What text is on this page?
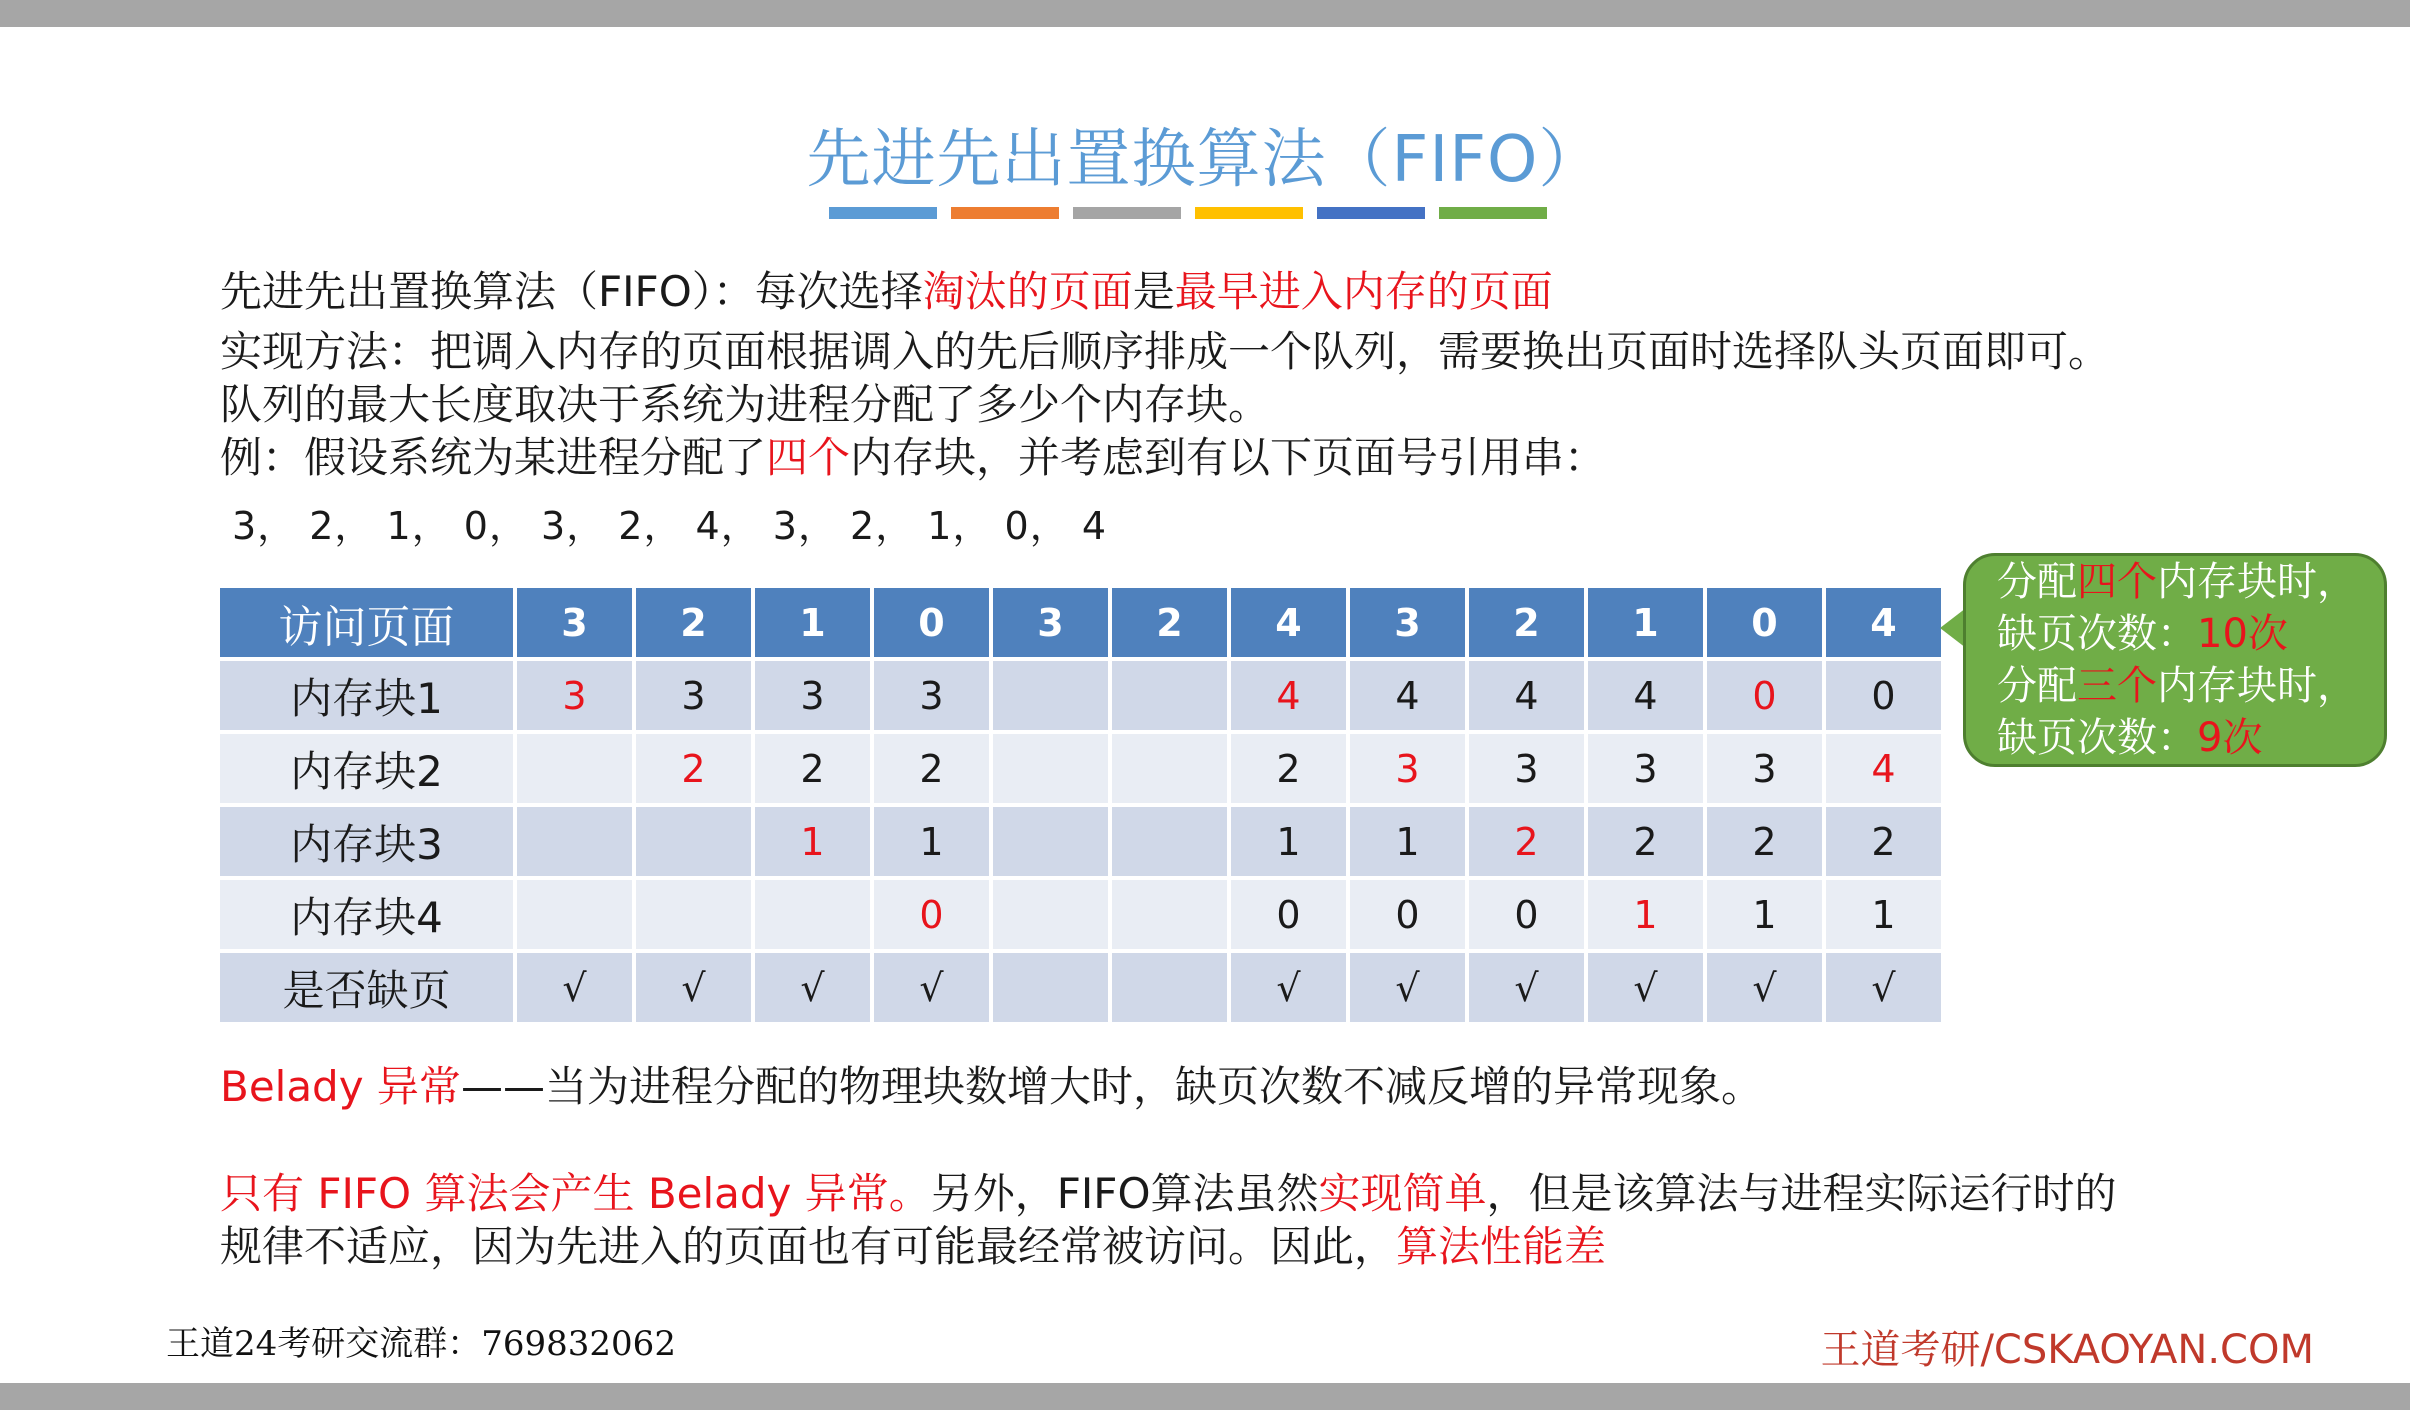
先进先出置换算法（FIFO）
先进先出置换算法（FIFO）：每次选择淘汰的页面是最早进入内存的页面
实现方法：把调入内存的页面根据调入的先后顺序排成一个队列，需要换出页面时选择队头页面即可。
队列的最大长度取决于系统为进程分配了多少个内存块。
例：假设系统为某进程分配了四个内存块，并考虑到有以下页面号引用串：
3， 2， 1， 0， 3， 2， 4， 3， 2， 1， 0， 4
访问页面	3	2	1	0	3	2	4	3	2	1	0	4
内存块1	3	3	3	3			4	4	4	4	0	0
内存块2		2	2	2			2	3	3	3	3	4
内存块3			1	1			1	1	2	2	2	2
内存块4				0			0	0	0	1	1	1
是否缺页	√	√	√	√			√	√	√	√	√	√
分配四个内存块时，
缺页次数：10次
分配三个内存块时，
缺页次数：9次
Belady 异常——当为进程分配的物理块数增大时，缺页次数不减反增的异常现象。
只有 FIFO 算法会产生 Belady 异常。另外，FIFO算法虽然实现简单，但是该算法与进程实际运行时的
规律不适应，因为先进入的页面也有可能最经常被访问。因此，算法性能差
王道24考研交流群：769832062	王道考研/CSKAOYAN.COM
